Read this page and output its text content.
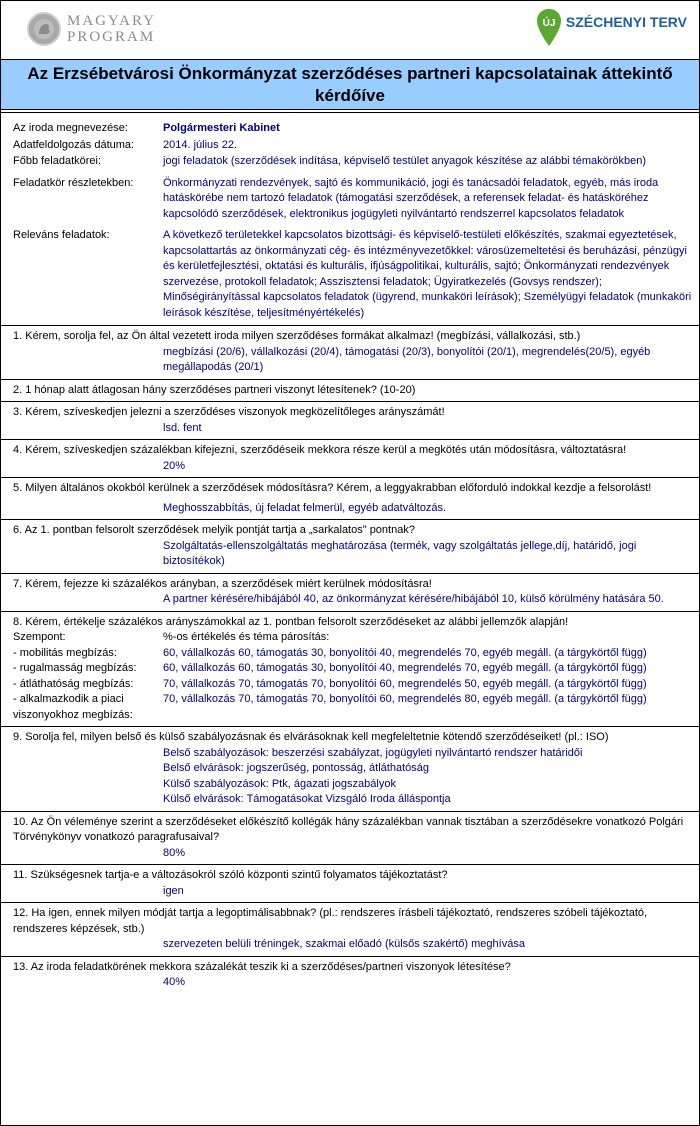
MAGYARY
PROGRAM
ÚJ SZÉCHENYI TERV
Az Erzsébetvárosi Önkormányzat szerződéses partneri kapcsolatainak áttekintő kérdőíve
Az iroda megnevezése:	Polgármesteri Kabinet
Adatfeldolgozás dátuma:	2014. július 22.
Főbb feladatkörei:	jogi feladatok (szerződések indítása, képviselő testület anyagok készítése az alábbi témakörökben)
Feladatkör részletekben:	Önkormányzati rendezvények, sajtó és kommunikáció, jogi és tanácsadói feladatok, egyéb, más iroda hatáskörébe nem tartozó feladatok (támogatási szerződések, a referensek feladat- és hatásköréhez kapcsolódó szerződések, elektronikus jogügyleti nyilvántartó rendszerrel kapcsolatos feladatok
Releváns feladatok:	A következő területekkel kapcsolatos bizottsági- és képviselő-testületi előkészítés, szakmai egyeztetések, kapcsolattartás az önkormányzati cég- és intézményvezetőkkel: városüzemeltetési és beruházási, pénzügyi és kerületfejlesztési, oktatási és kulturális, ifjúságpolitikai, kulturális, sajtó; Önkormányzati rendezvények szervezése, protokoll feladatok; Asszisztensi feladatok; Ügyiratkezelés (Govsys rendszer); Minőségirányítással kapcsolatos feladatok (ügyrend, munkaköri leírások); Személyügyi feladatok (munkaköri leírások készítése, teljesítményértékelés)
1. Kérem, sorolja fel, az Ön által vezetett iroda milyen szerződéses formákat alkalmaz! (megbízási, vállalkozási, stb.)
megbízási (20/6), vállalkozási (20/4), támogatási (20/3), bonyolítói (20/1), megrendelés(20/5), egyéb megállapodás (20/1)
2. 1 hónap alatt átlagosan hány szerződéses partneri viszonyt létesítenek? (10-20)
3. Kérem, szíveskedjen jelezni a szerződéses viszonyok megközelítőleges arányszámát!
lsd. fent
4. Kérem, szíveskedjen százalékban kifejezni, szerződéseik mekkora része kerül a megkötés után módosításra, változtatásra!
20%
5. Milyen általános okokból kerülnek a szerződések módosításra? Kérem, a leggyakrabban előforduló indokkal kezdje a felsorolást!
Meghosszabbítás, új feladat felmerül, egyéb adatváltozás.
6. Az 1. pontban felsorolt szerződések melyik pontját tartja a „sarkalatos" pontnak?
Szolgáltatás-ellenszolgáltatás meghatározása (termék, vagy szolgáltatás jellege,díj, határidő, jogi biztosítékok)
7. Kérem, fejezze ki százalékos arányban, a szerződések miért kerülnek módosításra!
A partner kérésére/hibájából 40, az önkormányzat kérésére/hibájából 10, külső körülmény hatására 50.
8. Kérem, értékelje százalékos arányszámokkal az 1. pontban felsorolt szerződéseket az alábbi jellemzők alapján!
Szempont:	%-os értékelés és téma párosítás:
- mobilitás megbízás:	60, vállalkozás 60, támogatás 30, bonyolítói 40, megrendelés 70, egyéb megáll. (a tárgykörtől függ)
- rugalmasság megbízás:	60, vállalkozás 60, támogatás 30, bonyolítói 40, megrendelés 70, egyéb megáll. (a tárgykörtől függ)
- átláthatóság megbízás:	70, vállalkozás 70, támogatás 70, bonyolítói 60, megrendelés 50, egyéb megáll. (a tárgykörtől függ)
- alkalmazkodik a piaci viszonyokhoz megbízás:
70, vállalkozás 70, támogatás 70, bonyolítói 60, megrendelés 80, egyéb megáll. (a tárgykörtől függ)
9. Sorolja fel, milyen belső és külső szabályozásnak és elvárásoknak kell megfeleltetnie kötendő szerződéseiket! (pl.: ISO)
Belső szabályozások: beszerzési szabályzat, jogügyleti nyilvántartó rendszer határidői
Belső elvárások: jogszerűség, pontosság, átláthatóság
Külső szabályozások: Ptk, ágazati jogszabályok
Külső elvárások: Támogatásokat Vizsgáló Iroda álláspontja
10. Az Ön véleménye szerint a szerződéseket előkészítő kollégák hány százalékban vannak tisztában a szerződésekre vonatkozó Polgári Törvénykönyv vonatkozó paragrafusaival?
80%
11. Szükségesnek tartja-e a változásokról szóló központi szintű folyamatos tájékoztatást?
igen
12. Ha igen, ennek milyen módját tartja a legoptimálisabbnak? (pl.: rendszeres írásbeli tájékoztató, rendszeres szóbeli tájékoztató, rendszeres képzések, stb.)
szervezeten belüli tréningek, szakmai előadó (külsős szakértő) meghívása
13. Az iroda feladatkörének mekkora százalékát teszik ki a szerződéses/partneri viszonyok létesítése?
40%
